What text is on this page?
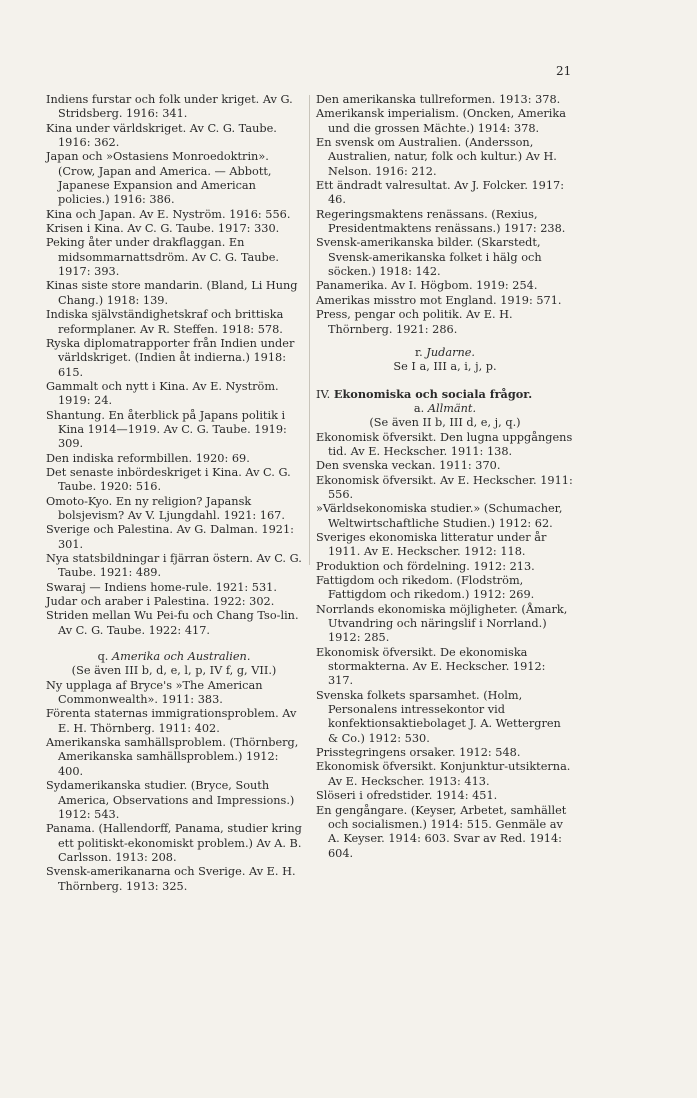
21

Indiens furstar och folk under kriget. Av G. Stridsberg. 1916: 341.

Kina under världskriget. Av C. G. Taube. 1916: 362.

Japan och »Ostasiens Monroedoktrin». (Crow, Japan and America. — Abbott, Japanese Expansion and American policies.) 1916: 386.

Kina och Japan. Av E. Nyström. 1916: 556.

Krisen i Kina. Av C. G. Taube. 1917: 330.

Peking åter under drakflaggan. En midsommarnattsdröm. Av C. G. Taube. 1917: 393.

Kinas siste store mandarin. (Bland, Li Hung Chang.) 1918: 139.

Indiska självständighetskraf och brittiska reformplaner. Av R. Steffen. 1918: 578.

Ryska diplomatrapporter från Indien under världskriget. (Indien åt indierna.) 1918: 615.

Gammalt och nytt i Kina. Av E. Nyström. 1919: 24.

Shantung. En återblick på Japans politik i Kina 1914—1919. Av C. G. Taube. 1919: 309.

Den indiska reformbillen. 1920: 69.

Det senaste inbördeskriget i Kina. Av C. G. Taube. 1920: 516.

Omoto-Kyo. En ny religion? Japansk bolsjevism? Av V. Ljungdahl. 1921: 167.

Sverige och Palestina. Av G. Dalman. 1921: 301.

Nya statsbildningar i fjärran östern. Av C. G. Taube. 1921: 489.

Swaraj — Indiens home-rule. 1921: 531.

Judar och araber i Palestina. 1922: 302.

Striden mellan Wu Pei-fu och Chang Tso-lin. Av C. G. Taube. 1922: 417.

q. Amerika och Australien.

(Se även III b, d, e, l, p, IV f, g, VII.)

Ny upplaga af Bryce's »The American Commonwealth». 1911: 383.

Förenta staternas immigrationsproblem. Av E. H. Thörnberg. 1911: 402.

Amerikanska samhällsproblem. (Thörnberg, Amerikanska samhällsproblem.) 1912: 400.

Sydamerikanska studier. (Bryce, South America, Observations and Impressions.) 1912: 543.

Panama. (Hallendorff, Panama, studier kring ett politiskt-ekonomiskt problem.) Av A. B. Carlsson. 1913: 208.

Svensk-amerikanarna och Sverige. Av E. H. Thörnberg. 1913: 325.

Den amerikanska tullreformen. 1913: 378.

Amerikansk imperialism. (Oncken, Amerika und die grossen Mächte.) 1914: 378.

En svensk om Australien. (Andersson, Australien, natur, folk och kultur.) Av H. Nelson. 1916: 212.

Ett ändradt valresultat. Av J. Folcker. 1917: 46.

Regeringsmaktens renässans. (Rexius, Presidentmaktens renässans.) 1917: 238.

Svensk-amerikanska bilder. (Skarstedt, Svensk-amerikanska folket i hälg och söcken.) 1918: 142.

Panamerika. Av I. Högbom. 1919: 254.

Amerikas misstro mot England. 1919: 571.

Press, pengar och politik. Av E. H. Thörnberg. 1921: 286.

r. Judarne.

Se I a, III a, i, j, p.

IV. Ekonomiska och sociala frågor.

a. Allmänt.

(Se även II b, III d, e, j, q.)

Ekonomisk öfversikt. Den lugna uppgångens tid. Av E. Heckscher. 1911: 138.

Den svenska veckan. 1911: 370.

Ekonomisk öfversikt. Av E. Heckscher. 1911: 556.

»Världsekonomiska studier.» (Schumacher, Weltwirtschaftliche Studien.) 1912: 62.

Sveriges ekonomiska litteratur under år 1911. Av E. Heckscher. 1912: 118.

Produktion och fördelning. 1912: 213.

Fattigdom och rikedom. (Flodström, Fattigdom och rikedom.) 1912: 269.

Norrlands ekonomiska möjligheter. (Åmark, Utvandring och näringslif i Norrland.) 1912: 285.

Ekonomisk öfversikt. De ekonomiska stormakterna. Av E. Heckscher. 1912: 317.

Svenska folkets sparsamhet. (Holm, Personalens intressekontor vid konfektionsaktiebolaget J. A. Wettergren & Co.) 1912: 530.

Prisstegringens orsaker. 1912: 548.

Ekonomisk öfversikt. Konjunktur-utsikterna. Av E. Heckscher. 1913: 413.

Slöseri i ofredstider. 1914: 451.

En gengångare. (Keyser, Arbetet, samhället och socialismen.) 1914: 515. Genmäle av A. Keyser. 1914: 603. Svar av Red. 1914: 604.
